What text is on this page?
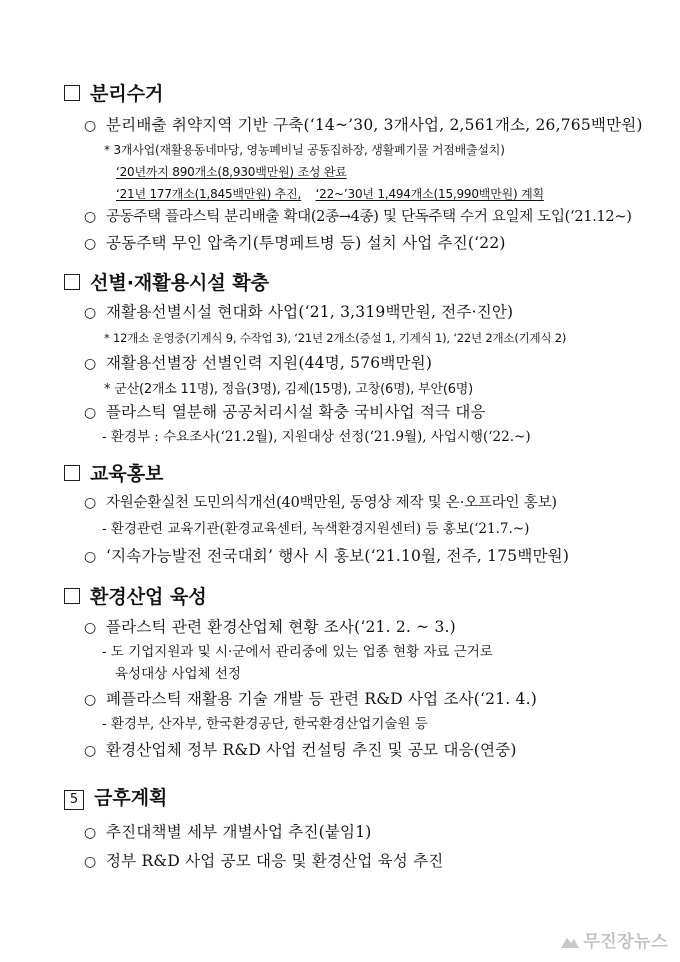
분리수거
○ 분리배출 취약지역 기반 구축(‘14~’30, 3개사업, 2,561개소, 26,765백만원)
* 3개사업(재활용동네마당, 영농폐비닐 공동집하장, 생활폐기물 거점배출설치)
‘20년까지 890개소(8,930백만원) 조성 완료
‘21년 177개소(1,845백만원) 추진, ‘22~’30년 1,494개소(15,990백만원) 계획
○ 공동주택 플라스틱 분리배출 확대(2종→4종) 및 단독주택 수거 요일제 도입(‘21.12~)
○ 공동주택 무인 압축기(투명페트병 등) 설치 사업 추진(‘22)
선별·재활용시설 확충
○ 재활용선별시설 현대화 사업(‘21, 3,319백만원, 전주·진안)
* 12개소 운영중(기계식 9, 수작업 3), ‘21년 2개소(증설 1, 기계식 1), ‘22년 2개소(기계식 2)
○ 재활용선별장 선별인력 지원(44명, 576백만원)
* 군산(2개소 11명), 정읍(3명), 김제(15명), 고창(6명), 부안(6명)
○ 플라스틱 열분해 공공처리시설 확충 국비사업 적극 대응
- 환경부 : 수요조사(‘21.2월), 지원대상 선정(‘21.9월), 사업시행(‘22.~)
교육홍보
○ 자원순환실천 도민의식개선(40백만원, 동영상 제작 및 온·오프라인 홍보)
- 환경관련 교육기관(환경교육센터, 녹색환경지원센터) 등 홍보(‘21.7.~)
○ ‘지속가능발전 전국대회’ 행사 시 홍보(‘21.10월, 전주, 175백만원)
환경산업 육성
○ 플라스틱 관련 환경산업체 현황 조사(‘21. 2. ~ 3.)
- 도 기업지원과 및 시·군에서 관리중에 있는 업종 현황 자료 근거로
육성대상 사업체 선정
○ 폐플라스틱 재활용 기술 개발 등 관련 R&D 사업 조사(‘21. 4.)
- 환경부, 산자부, 한국환경공단, 한국환경산업기술원 등
○ 환경산업체 정부 R&D 사업 컨설팅 추진 및 공모 대응(연중)
5 금후계획
○ 추진대책별 세부 개별사업 추진(붙임1)
○ 정부 R&D 사업 공모 대응 및 환경산업 육성 추진
무진장뉴스
